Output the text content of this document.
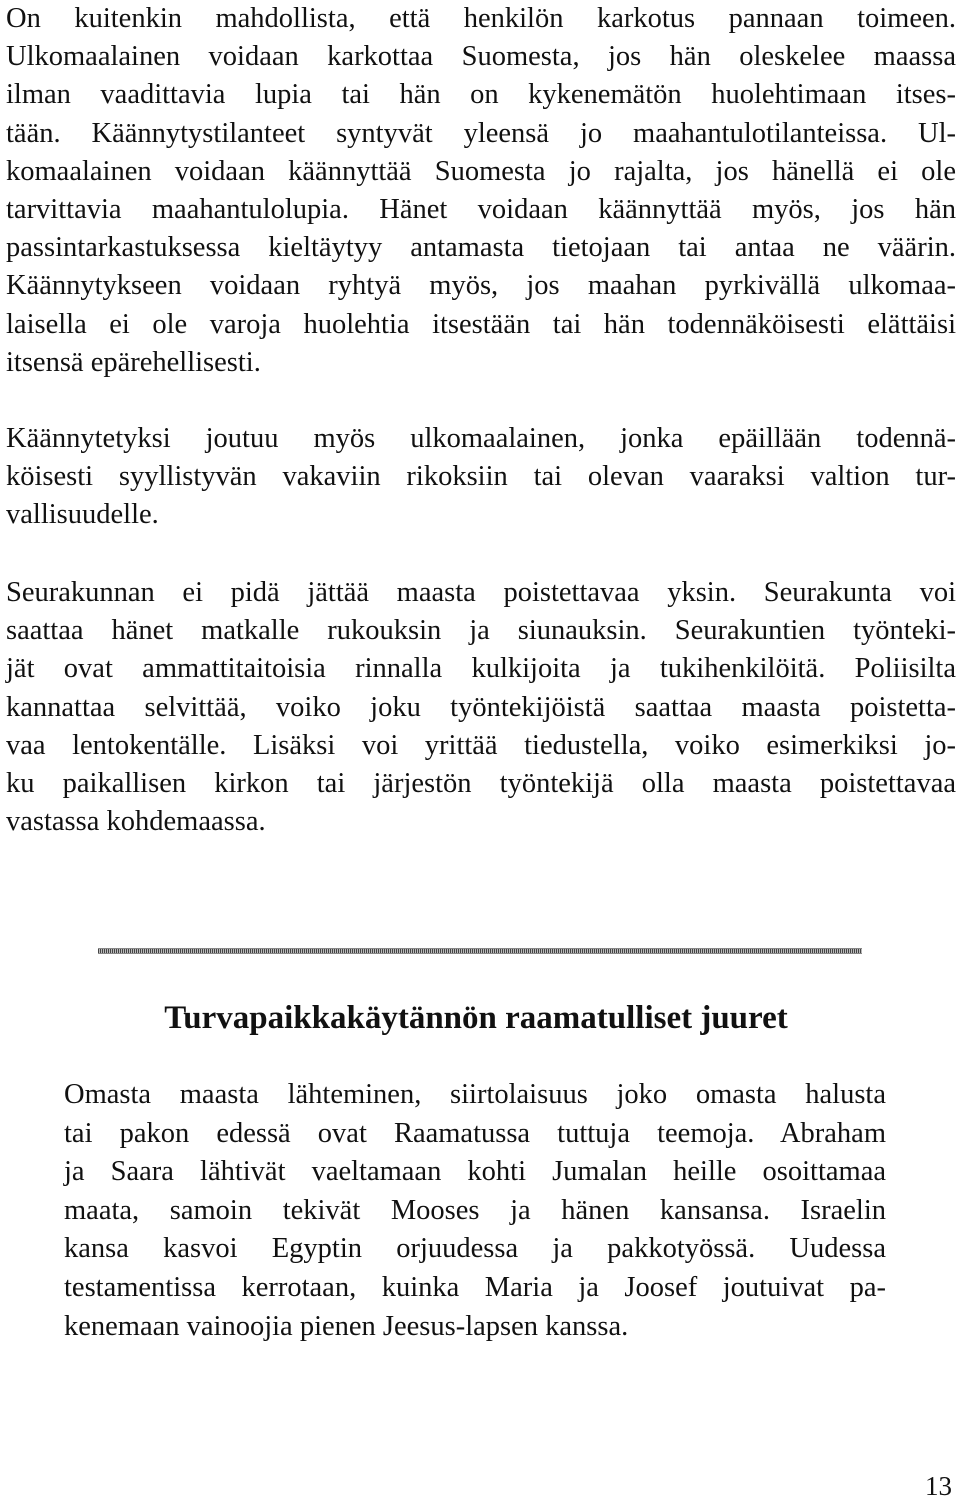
On kuitenkin mahdollista, että henkilön karkotus pannaan toimeen.
Ulkomaalainen voidaan karkottaa Suomesta, jos hän oleskelee maassa
ilman vaadittavia lupia tai hän on kykenemätön huolehtimaan itses-
tään. Käännytystilanteet syntyvät yleensä jo maahantulotilanteissa. Ul-
komaalainen voidaan käännyttää Suomesta jo rajalta, jos hänellä ei ole
tarvittavia maahantulolupia. Hänet voidaan käännyttää myös, jos hän
passintarkastuksessa kieltäytyy antamasta tietojaan tai antaa ne väärin.
Käännytykseen voidaan ryhtyä myös, jos maahan pyrkivällä ulkomaa-
laisella ei ole varoja huolehtia itsestään tai hän todennäköisesti elättäisi
itsensä epärehellisesti.
Käännytetyksi joutuu myös ulkomaalainen, jonka epäillään todennä-
köisesti syyllistyvän vakaviin rikoksiin tai olevan vaaraksi valtion tur-
vallisuudelle.
Seurakunnan ei pidä jättää maasta poistettavaa yksin. Seurakunta voi
saattaa hänet matkalle rukouksin ja siunauksin. Seurakuntien työnteki-
jät ovat ammattitaitoisia rinnalla kulkijoita ja tukihenkilöitä. Poliisilta
kannattaa selvittää, voiko joku työntekijöistä saattaa maasta poistetta-
vaa lentokentälle. Lisäksi voi yrittää tiedustella, voiko esimerkiksi jo-
ku paikallisen kirkon tai järjestön työntekijä olla maasta poistettavaa
vastassa kohdemaassa.
Turvapaikkakäytännön raamatulliset juuret
Omasta maasta lähteminen, siirtolaisuus joko omasta halusta
tai pakon edessä ovat Raamatussa tuttuja teemoja. Abraham
ja Saara lähtivät vaeltamaan kohti Jumalan heille osoittamaa
maata, samoin tekivät Mooses ja hänen kansansa. Israelin
kansa kasvoi Egyptin orjuudessa ja pakkotyössä. Uudessa
testamentissa kerrotaan, kuinka Maria ja Joosef joutuivat pa-
kenemaan vainoojia pienen Jeesus-lapsen kanssa.
13
